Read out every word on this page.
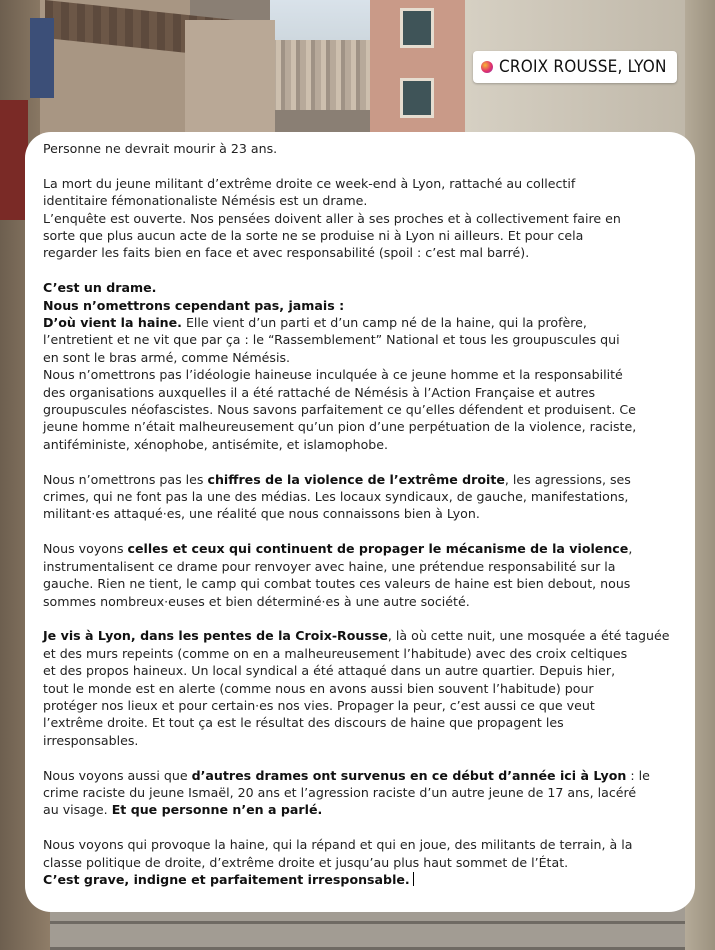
CROIX ROUSSE, LYON
Personne ne devrait mourir à 23 ans.
La mort du jeune militant d’extrême droite ce week-end à Lyon, rattaché au collectif
identitaire fémonationaliste Némésis est un drame.
L’enquête est ouverte. Nos pensées doivent aller à ses proches et à collectivement faire en
sorte que plus aucun acte de la sorte ne se produise ni à Lyon ni ailleurs. Et pour cela
regarder les faits bien en face et avec responsabilité (spoil : c’est mal barré).
C’est un drame.
Nous n’omettrons cependant pas, jamais :
D’où vient la haine. Elle vient d’un parti et d’un camp né de la haine, qui la profère,
l’entretient et ne vit que par ça : le “Rassemblement” National et tous les groupuscules qui
en sont le bras armé, comme Némésis.
Nous n’omettrons pas l’idéologie haineuse inculquée à ce jeune homme et la responsabilité
des organisations auxquelles il a été rattaché de Némésis à l’Action Française et autres
groupuscules néofascistes. Nous savons parfaitement ce qu’elles défendent et produisent. Ce
jeune homme n’était malheureusement qu’un pion d’une perpétuation de la violence, raciste,
antiféministe, xénophobe, antisémite, et islamophobe.
Nous n’omettrons pas les chiffres de la violence de l’extrême droite, les agressions, ses
crimes, qui ne font pas la une des médias. Les locaux syndicaux, de gauche, manifestations,
militant·es attaqué·es, une réalité que nous connaissons bien à Lyon.
Nous voyons celles et ceux qui continuent de propager le mécanisme de la violence,
instrumentalisent ce drame pour renvoyer avec haine, une prétendue responsabilité sur la
gauche. Rien ne tient, le camp qui combat toutes ces valeurs de haine est bien debout, nous
sommes nombreux·euses et bien déterminé·es à une autre société.
Je vis à Lyon, dans les pentes de la Croix-Rousse, là où cette nuit, une mosquée a été taguée
et des murs repeints (comme on en a malheureusement l’habitude) avec des croix celtiques
et des propos haineux. Un local syndical a été attaqué dans un autre quartier. Depuis hier,
tout le monde est en alerte (comme nous en avons aussi bien souvent l’habitude) pour
protéger nos lieux et pour certain·es nos vies. Propager la peur, c’est aussi ce que veut
l’extrême droite. Et tout ça est le résultat des discours de haine que propagent les
irresponsables.
Nous voyons aussi que d’autres drames ont survenus en ce début d’année ici à Lyon : le
crime raciste du jeune Ismaël, 20 ans et l’agression raciste d’un autre jeune de 17 ans, lacéré
au visage. Et que personne n’en a parlé.
Nous voyons qui provoque la haine, qui la répand et qui en joue, des militants de terrain, à la
classe politique de droite, d’extrême droite et jusqu’au plus haut sommet de l’État.
C’est grave, indigne et parfaitement irresponsable.
